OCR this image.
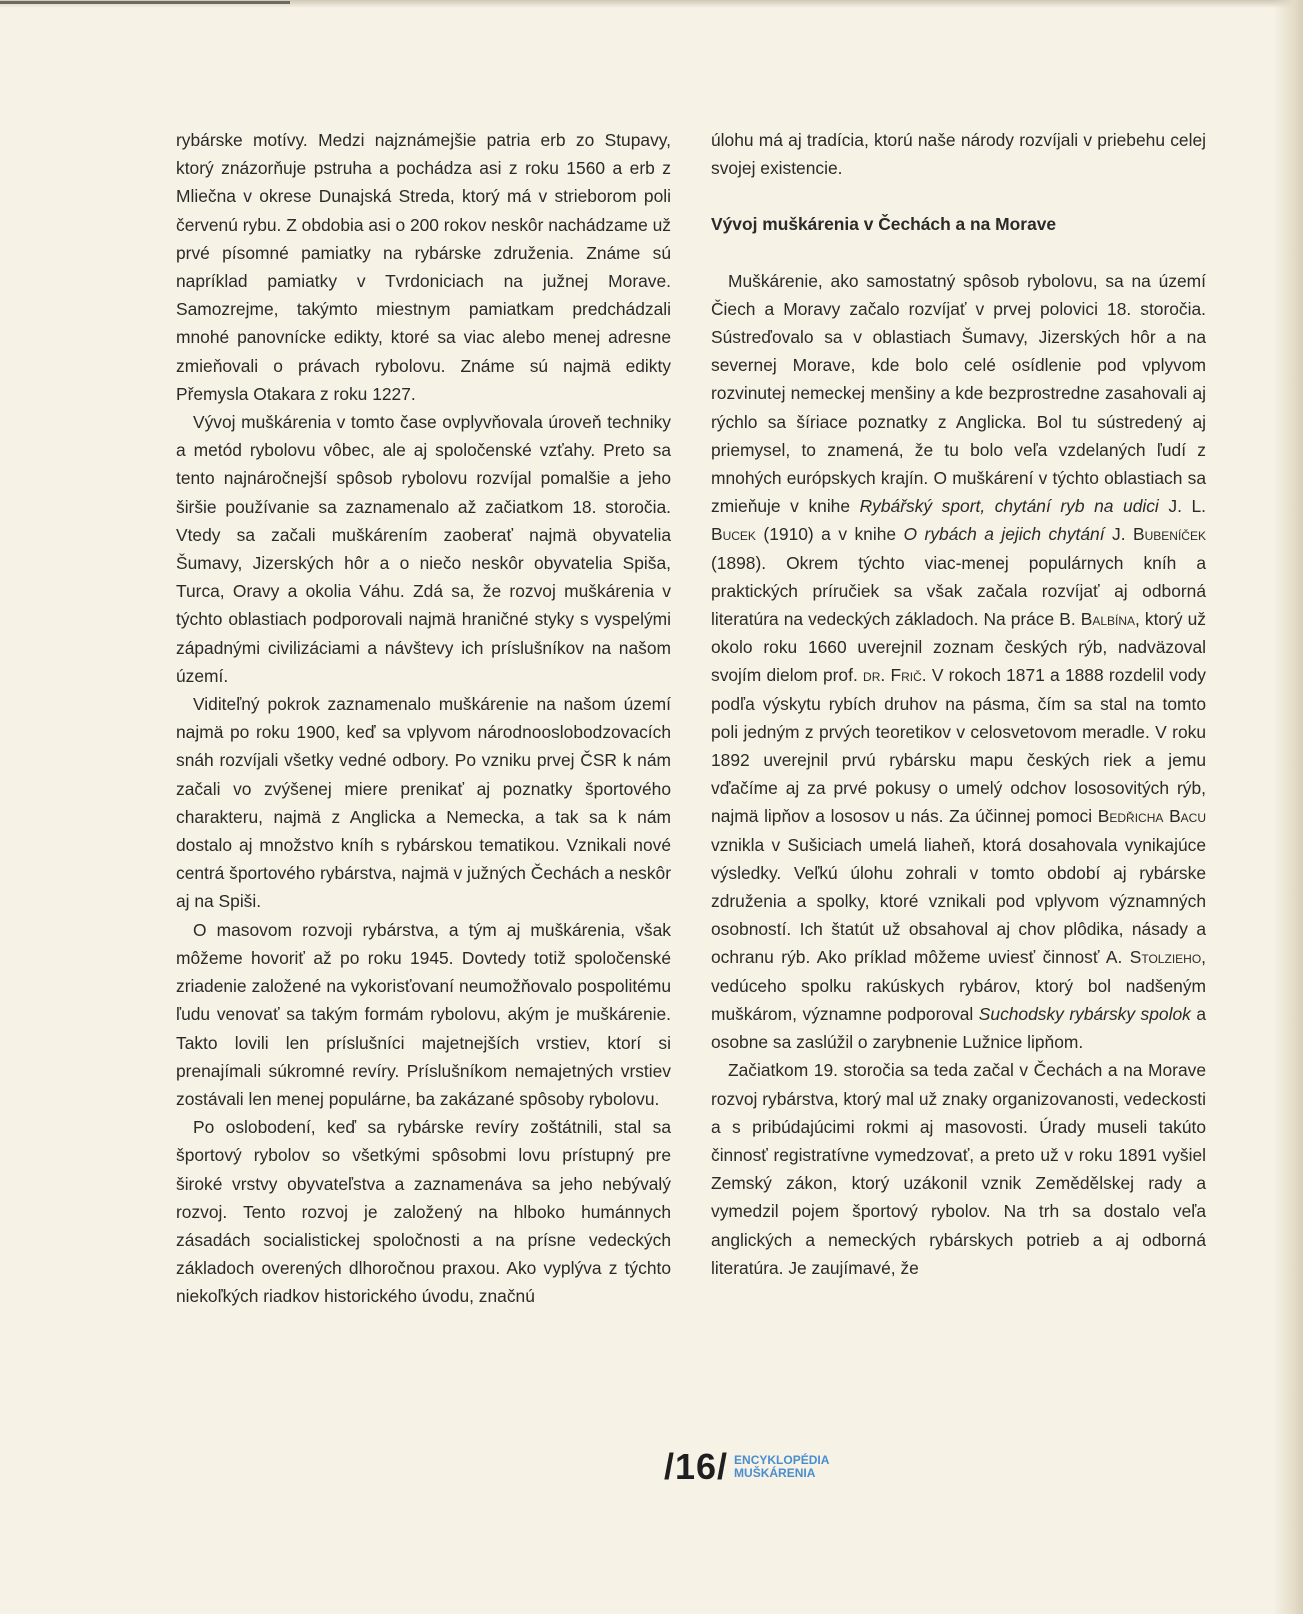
rybárske motívy. Medzi najznámejšie patria erb zo Stupavy, ktorý znázorňuje pstruha a pochádza asi z roku 1560 a erb z Mliečna v okrese Dunajská Streda, ktorý má v strieborom poli červenú rybu. Z obdobia asi o 200 rokov neskôr nachádzame už prvé písomné pamiatky na rybárske združenia. Známe sú napríklad pamiatky v Tvrdoniciach na južnej Morave. Samozrejme, takýmto miestnym pamiatkam predchádzali mnohé panovnícke edikty, ktoré sa viac alebo menej adresne zmieňovali o právach rybolovu. Známe sú najmä edikty Přemysla Otakara z roku 1227.

Vývoj muškárenia v tomto čase ovplyvňovala úroveň techniky a metód rybolovu vôbec, ale aj spoločenské vzťahy. Preto sa tento najnáročnejší spôsob rybolovu rozvíjal pomalšie a jeho širšie používanie sa zaznamenalo až začiatkom 18. storočia. Vtedy sa začali muškárením zaoberať najmä obyvatelia Šumavy, Jizerských hôr a o niečo neskôr obyvatelia Spiša, Turca, Oravy a okolia Váhu. Zdá sa, že rozvoj muškárenia v týchto oblastiach podporovali najmä hraničné styky s vyspelými západnými civilizáciami a návštevy ich príslušníkov na našom území.

Viditeľný pokrok zaznamenalo muškárenie na našom území najmä po roku 1900, keď sa vplyvom národnooslobodzovacích snáh rozvíjali všetky vedné odbory. Po vzniku prvej ČSR k nám začali vo zvýšenej miere prenikať aj poznatky športového charakteru, najmä z Anglicka a Nemecka, a tak sa k nám dostalo aj množstvo kníh s rybárskou tematikou. Vznikali nové centrá športového rybárstva, najmä v južných Čechách a neskôr aj na Spiši.

O masovom rozvoji rybárstva, a tým aj muškárenia, však môžeme hovoriť až po roku 1945. Dovtedy totiž spoločenské zriadenie založené na vykorisťovaní neumožňovalo pospolitému ľudu venovať sa takým formám rybolovu, akým je muškárenie. Takto lovili len príslušníci majetnejších vrstiev, ktorí si prenajímali súkromné revíry. Príslušníkom nemajetných vrstiev zostávali len menej populárne, ba zakázané spôsoby rybolovu.

Po oslobodení, keď sa rybárske revíry zoštátnili, stal sa športový rybolov so všetkými spôsobmi lovu prístupný pre široké vrstvy obyvateľstva a zaznamenáva sa jeho nebývalý rozvoj. Tento rozvoj je založený na hlboko humánnych zásadách socialistickej spoločnosti a na prísne vedeckých základoch overených dlhoročnou praxou. Ako vyplýva z týchto niekoľkých riadkov historického úvodu, značnú

úlohu má aj tradícia, ktorú naše národy rozvíjali v priebehu celej svojej existencie.

Vývoj muškárenia v Čechách a na Morave

Muškárenie, ako samostatný spôsob rybolovu, sa na území Čiech a Moravy začalo rozvíjať v prvej polovici 18. storočia. Sústreďovalo sa v oblastiach Šumavy, Jizerských hôr a na severnej Morave, kde bolo celé osídlenie pod vplyvom rozvinutej nemeckej menšiny a kde bezprostredne zasahovali aj rýchlo sa šíriace poznatky z Anglicka. Bol tu sústredený aj priemysel, to znamená, že tu bolo veľa vzdelaných ľudí z mnohých európskych krajín. O muškárení v týchto oblastiach sa zmieňuje v knihe Rybářský sport, chytání ryb na udici J. L. Bucek (1910) a v knihe O rybách a jejich chytání J. Bubeníček (1898). Okrem týchto viac-menej populárnych kníh a praktických príručiek sa však začala rozvíjať aj odborná literatúra na vedeckých základoch. Na práce B. Balbína, ktorý už okolo roku 1660 uverejnil zoznam českých rýb, nadväzoval svojím dielom prof. dr. Frič. V rokoch 1871 a 1888 rozdelil vody podľa výskytu rybích druhov na pásma, čím sa stal na tomto poli jedným z prvých teoretikov v celosvetovom meradle. V roku 1892 uverejnil prvú rybársku mapu českých riek a jemu vďačíme aj za prvé pokusy o umelý odchov lososovitých rýb, najmä lipňov a lososov u nás. Za účinnej pomoci Bedřicha Bacu vznikla v Sušiciach umelá liaheň, ktorá dosahovala vynikajúce výsledky. Veľkú úlohu zohrali v tomto období aj rybárske združenia a spolky, ktoré vznikali pod vplyvom významných osobností. Ich štatút už obsahoval aj chov plôdika, násady a ochranu rýb. Ako príklad môžeme uviesť činnosť A. Stolzieho, vedúceho spolku rakúskych rybárov, ktorý bol nadšeným muškárom, významne podporoval Suchodsky rybársky spolok a osobne sa zaslúžil o zarybnenie Lužnice lipňom.

Začiatkom 19. storočia sa teda začal v Čechách a na Morave rozvoj rybárstva, ktorý mal už znaky organizovanosti, vedeckosti a s pribúdajúcimi rokmi aj masovosti. Úrady museli takúto činnosť registratívne vymedzovať, a preto už v roku 1891 vyšiel Zemský zákon, ktorý uzákonil vznik Zemědělskej rady a vymedzil pojem športový rybolov. Na trh sa dostalo veľa anglických a nemeckých rybárskych potrieb a aj odborná literatúra. Je zaujímavé, že

/16/ ENCYKLOPÉDIA
MUŠKÁRENIA
